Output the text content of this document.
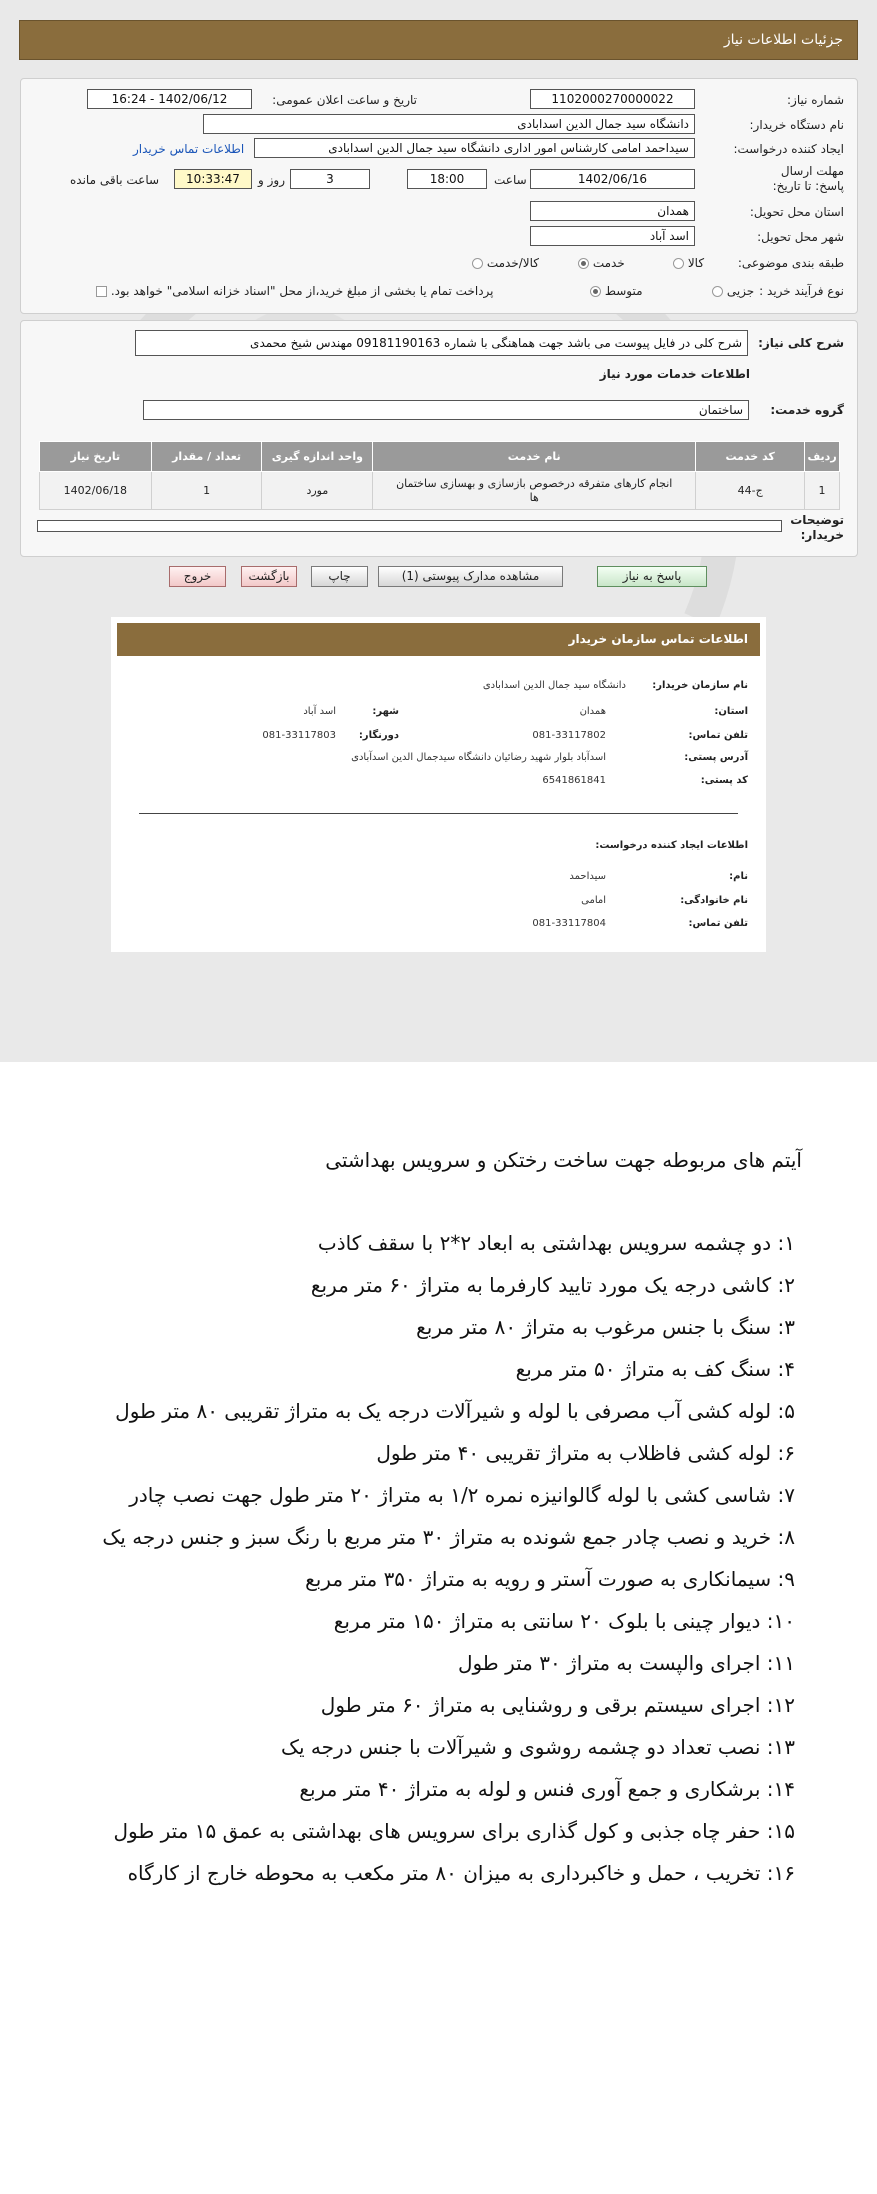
جزئیات اطلاعات نیاز
شماره نیاز:
1102000270000022
تاریخ و ساعت اعلان عمومی:
1402/06/12 - 16:24
نام دستگاه خریدار:
دانشگاه سید جمال الدین اسدابادی
ایجاد کننده درخواست:
سیداحمد امامی کارشناس امور اداری دانشگاه سید جمال الدین اسدابادی
اطلاعات تماس خریدار
مهلت ارسال پاسخ: تا تاریخ:
1402/06/16
ساعت
18:00
3
روز و
10:33:47
ساعت باقی مانده
استان محل تحویل:
همدان
شهر محل تحویل:
اسد آباد
طبقه بندی موضوعی:
کالا
خدمت
کالا/خدمت
نوع فرآیند خرید :
جزیی
متوسط
پرداخت تمام یا بخشی از مبلغ خرید،از محل "اسناد خزانه اسلامی" خواهد بود.
شرح کلی نیاز:
شرح کلی در فایل پیوست می باشد جهت هماهنگی با شماره 09181190163 مهندس شیخ محمدی
اطلاعات خدمات مورد نیاز
گروه خدمت:
ساختمان
ردیف	کد خدمت	نام خدمت	واحد اندازه گیری	تعداد / مقدار	تاریخ نیاز
1	ج-44	انجام کارهای متفرقه درخصوص بازسازی و بهسازی ساختمان ها	مورد	1	1402/06/18
توضیحات خریدار:
پاسخ به نیاز
مشاهده مدارک پیوستی (1)
چاپ
بازگشت
خروج
اطلاعات تماس سازمان خریدار
نام سازمان خریدار:
دانشگاه سید جمال الدین اسدابادی
استان:
همدان
شهر:
اسد آباد
تلفن تماس:
081-33117802
دورنگار:
081-33117803
آدرس پستی:
اسدآباد بلوار شهید رضائیان دانشگاه سیدجمال الدین اسدآبادی
کد پستی:
6541861841
اطلاعات ایجاد کننده درخواست:
نام:
سیداحمد
نام خانوادگی:
امامی
تلفن تماس:
081-33117804
آیتم های مربوطه جهت ساخت رختکن و سرویس بهداشتی
۱: دو چشمه سرویس بهداشتی به ابعاد ۲*۲ با سقف کاذب
۲: کاشی درجه یک مورد تایید کارفرما به متراژ ۶۰ متر مربع
۳: سنگ با جنس مرغوب به متراژ ۸۰ متر مربع
۴: سنگ کف به متراژ ۵۰ متر مربع
۵: لوله کشی آب مصرفی با لوله و شیرآلات درجه یک به متراژ تقریبی ۸۰ متر طول
۶: لوله کشی فاظلاب به متراژ تقریبی ۴۰ متر طول
۷: شاسی کشی با لوله گالوانیزه نمره ۱/۲ به متراژ ۲۰ متر طول جهت نصب چادر
۸: خرید و نصب چادر جمع شونده به متراژ ۳۰ متر مربع با رنگ سبز و جنس درجه یک
۹: سیمانکاری به صورت آستر و رویه به متراژ ۳۵۰ متر مربع
۱۰: دیوار چینی با بلوک ۲۰ سانتی به متراژ ۱۵۰ متر مربع
۱۱: اجرای والپست به متراژ ۳۰ متر طول
۱۲: اجرای سیستم برقی و روشنایی به متراژ ۶۰ متر طول
۱۳: نصب تعداد دو چشمه روشوی و شیرآلات با جنس درجه یک
۱۴: برشکاری و جمع آوری فنس و لوله به متراژ ۴۰ متر مربع
۱۵: حفر چاه جذبی و کول گذاری برای سرویس های بهداشتی به عمق ۱۵ متر طول
۱۶: تخریب ، حمل و خاکبرداری به میزان ۸۰ متر مکعب به محوطه خارج از کارگاه
